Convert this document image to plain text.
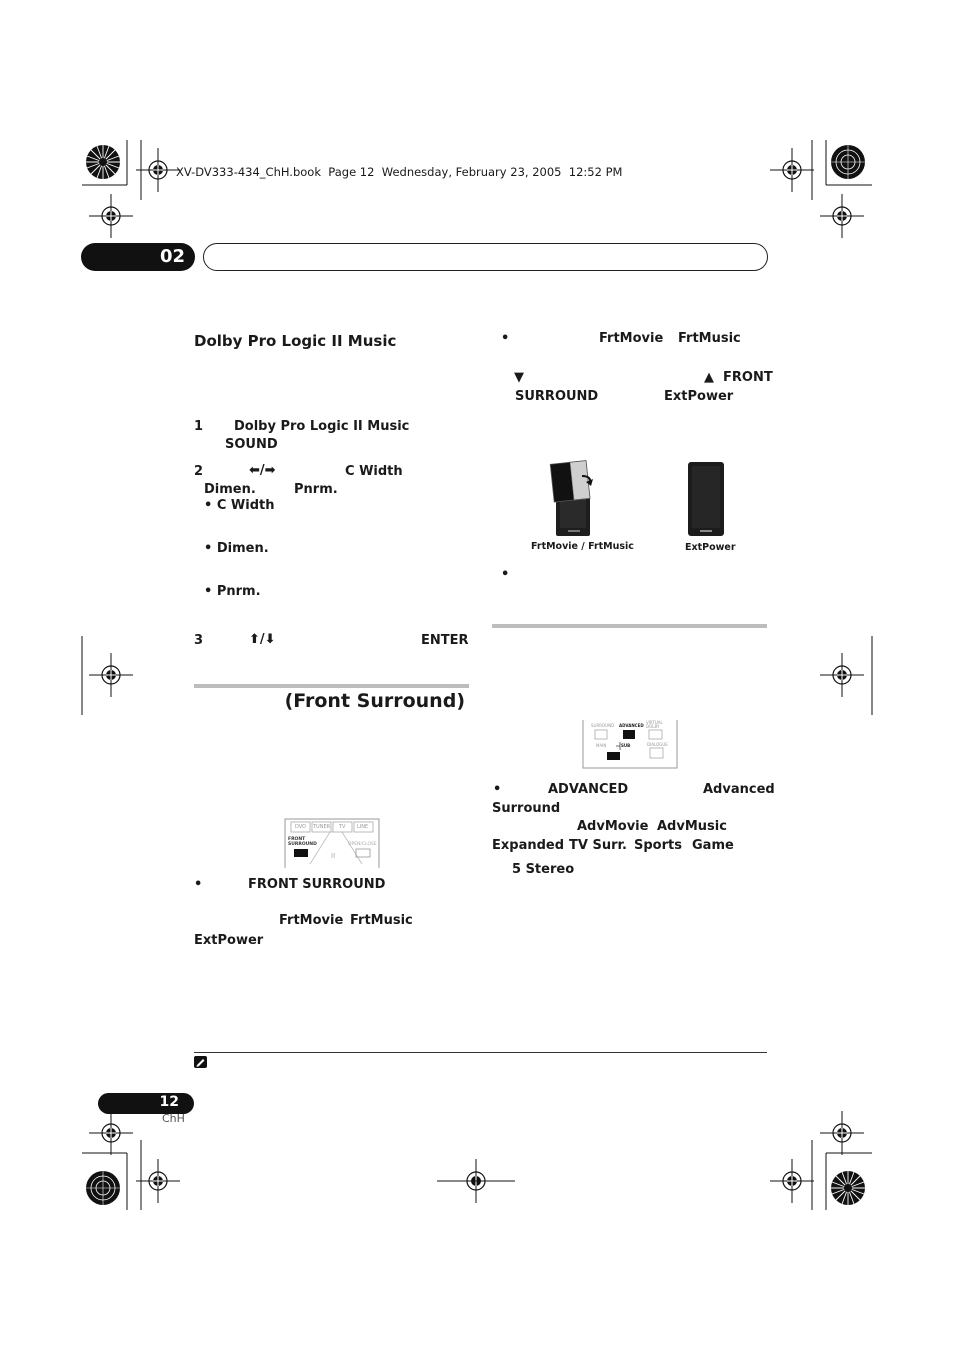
XV-DV333-434_ChH.book  Page 12  Wednesday, February 23, 2005  12:52 PM
02
Dolby Pro Logic II Music
1 Dolby Pro Logic II Music
SOUND
2	⬅/➡	C Width
Dimen.	Pnrm.
• C Width
• Dimen.
• Pnrm.
3	⬆/⬇	ENTER
(Front Surround)
II
DVD TUNER TV LINE
FRONT SURROUND	OPEN/CLOSE
•	FRONT SURROUND
FrtMovie FrtMusic
ExtPower
•	FrtMovie FrtMusic
▼	▲ FRONT
SURROUND	ExtPower
FrtMovie / FrtMusic	ExtPower
•
SURROUND ADVANCED
VIRTUAL DOLBY
MAIN	SUB	DIALOGUE
•	ADVANCED	Advanced
Surround
AdvMovie AdvMusic
Expanded TV Surr. Sports Game
5 Stereo
12
ChH
